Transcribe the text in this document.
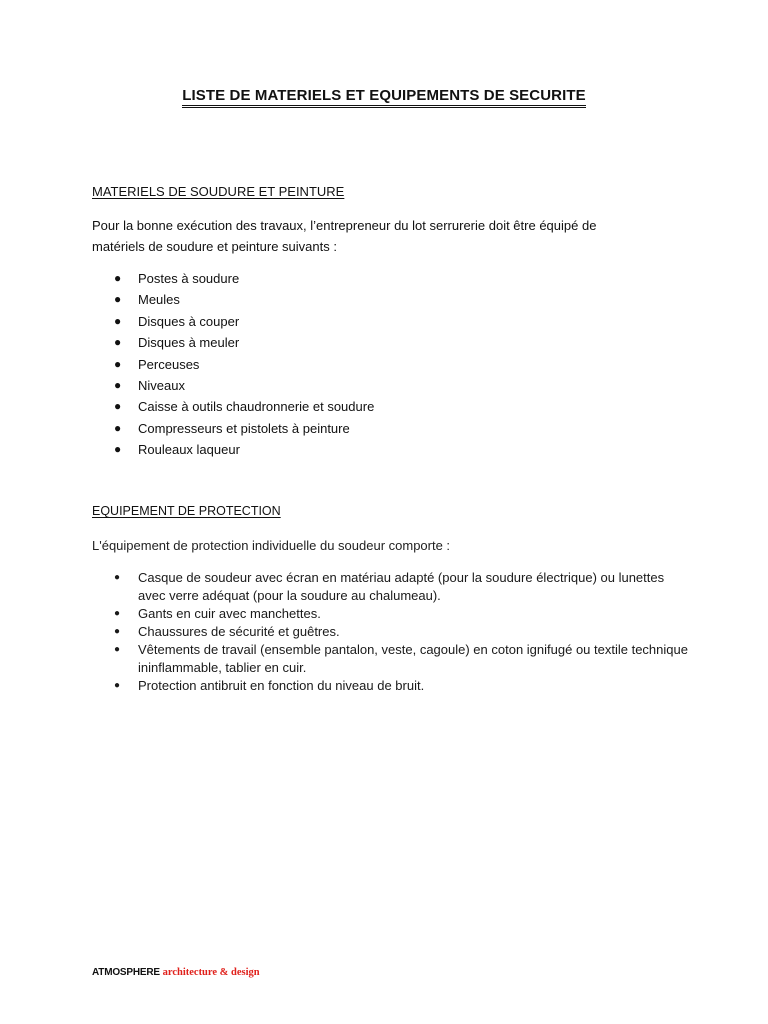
LISTE DE MATERIELS ET EQUIPEMENTS DE SECURITE
MATERIELS DE SOUDURE ET PEINTURE
Pour la bonne exécution des travaux, l’entrepreneur du lot serrurerie doit être équipé de
matériels de soudure et peinture suivants :
● Postes à soudure
● Meules
● Disques à couper
● Disques à meuler
● Perceuses
● Niveaux
● Caisse à outils chaudronnerie et soudure
● Compresseurs et pistolets à peinture
● Rouleaux laqueur
EQUIPEMENT DE PROTECTION
L'équipement de protection individuelle du soudeur comporte :
● Casque de soudeur avec écran en matériau adapté (pour la soudure électrique) ou lunettes avec verre adéquat (pour la soudure au chalumeau).
● Gants en cuir avec manchettes.
● Chaussures de sécurité et guêtres.
● Vêtements de travail (ensemble pantalon, veste, cagoule) en coton ignifugé ou textile technique ininflammable, tablier en cuir.
● Protection antibruit en fonction du niveau de bruit.
ATMOSPHERE architecture & design
